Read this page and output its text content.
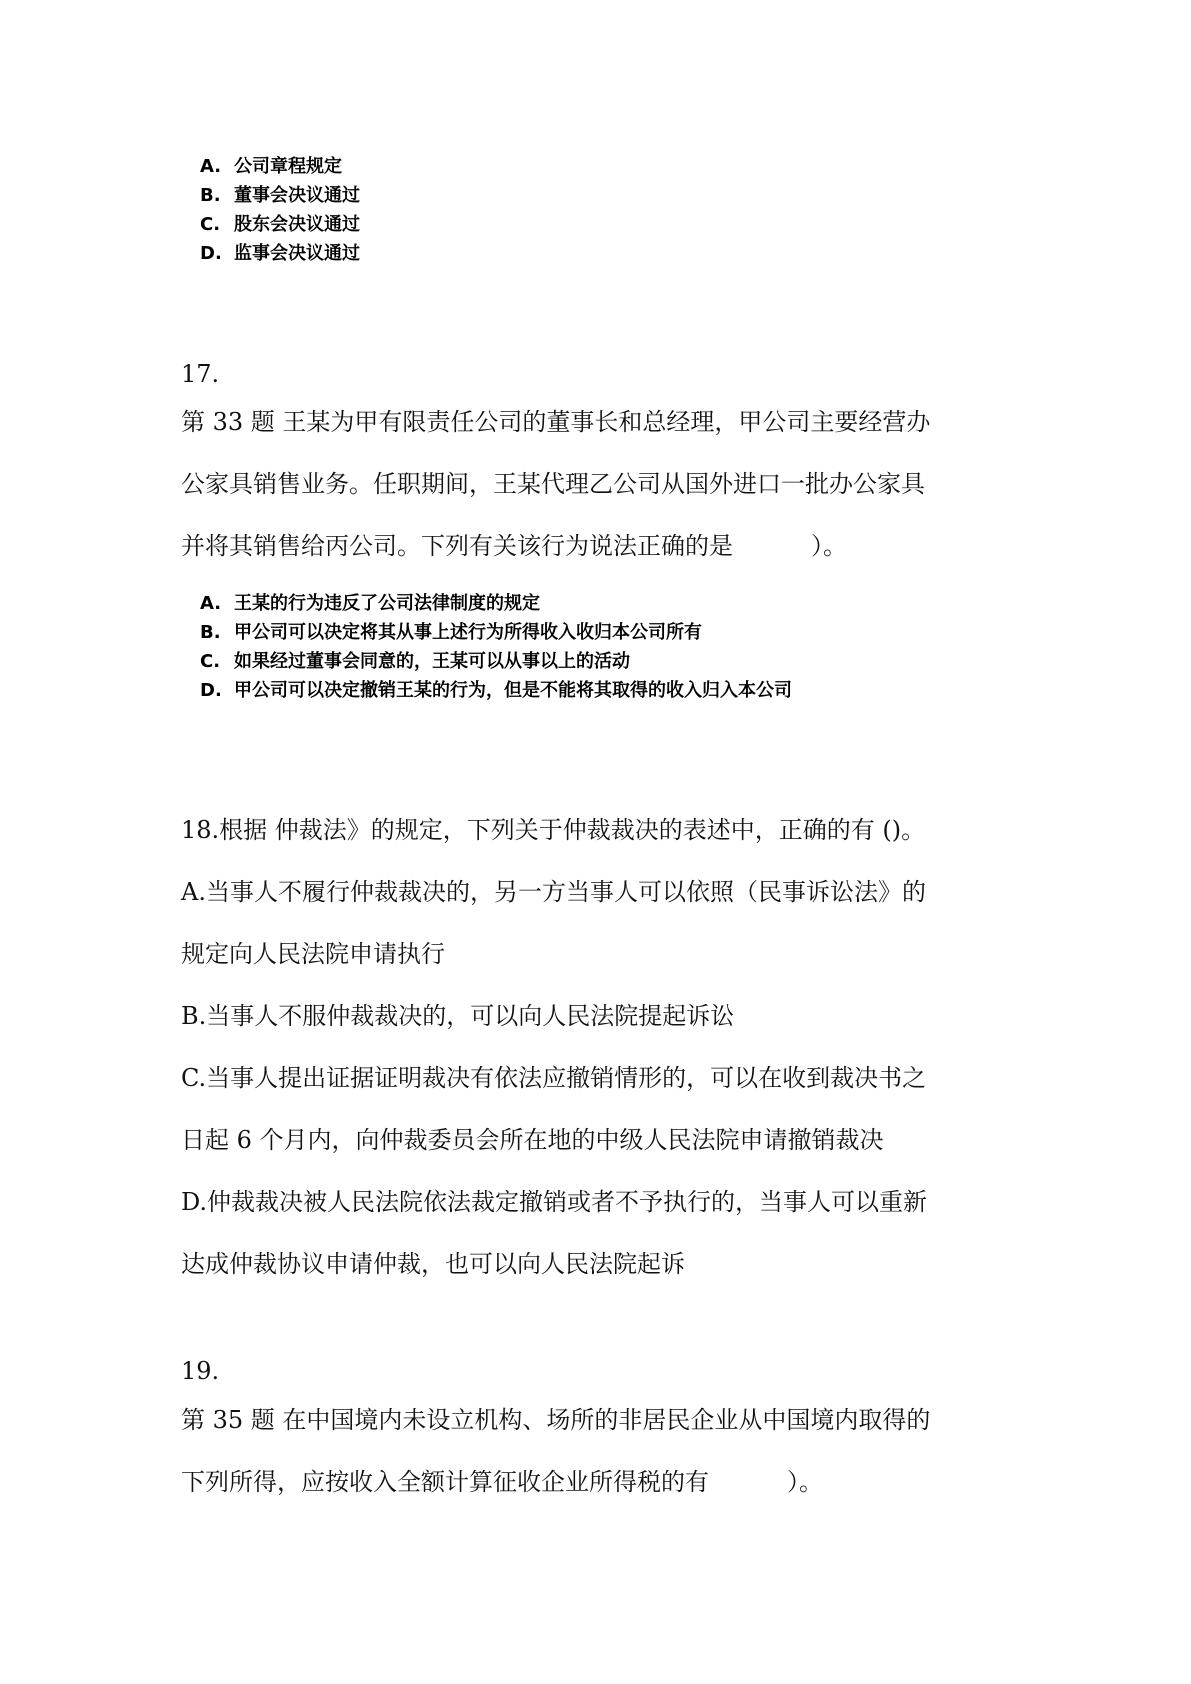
A. 公司章程规定
B. 董事会决议通过
C. 股东会决议通过
D. 监事会决议通过
17.
第 33 题 王某为甲有限责任公司的董事长和总经理，甲公司主要经营办
公家具销售业务。任职期间，王某代理乙公司从国外进口一批办公家具
并将其销售给丙公司。下列有关该行为说法正确的是	）。
A. 王某的行为违反了公司法律制度的规定
B. 甲公司可以决定将其从事上述行为所得收入收归本公司所有
C. 如果经过董事会同意的，王某可以从事以上的活动
D. 甲公司可以决定撤销王某的行为，但是不能将其取得的收入归入本公司
18.根据 仲裁法》的规定，下列关于仲裁裁决的表述中，正确的有 ()。
A.当事人不履行仲裁裁决的，另一方当事人可以依照（民事诉讼法》的
规定向人民法院申请执行
B.当事人不服仲裁裁决的，可以向人民法院提起诉讼
C.当事人提出证据证明裁决有依法应撤销情形的，可以在收到裁决书之
日起 6 个月内，向仲裁委员会所在地的中级人民法院申请撤销裁决
D.仲裁裁决被人民法院依法裁定撤销或者不予执行的，当事人可以重新
达成仲裁协议申请仲裁，也可以向人民法院起诉
19.
第 35 题 在中国境内未设立机构、场所的非居民企业从中国境内取得的
下列所得，应按收入全额计算征收企业所得税的有	）。
